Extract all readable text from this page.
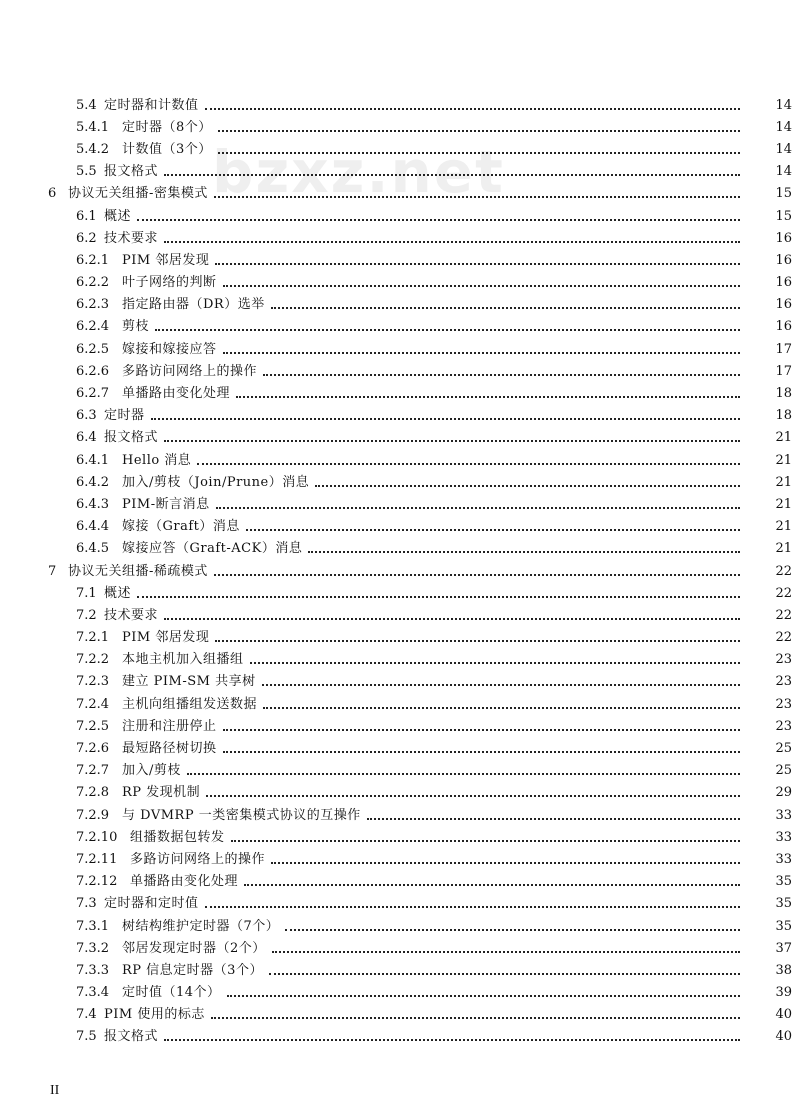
bzxz.net
5.4 定时器和计数值	14
5.4.1 定时器（8个）	14
5.4.2 计数值（3个）	14
5.5 报文格式	14
6 协议无关组播-密集模式	15
6.1 概述	15
6.2 技术要求	16
6.2.1 PIM 邻居发现	16
6.2.2 叶子网络的判断	16
6.2.3 指定路由器（DR）选举	16
6.2.4 剪枝	16
6.2.5 嫁接和嫁接应答	17
6.2.6 多路访问网络上的操作	17
6.2.7 单播路由变化处理	18
6.3 定时器	18
6.4 报文格式	21
6.4.1 Hello 消息	21
6.4.2 加入/剪枝（Join/Prune）消息	21
6.4.3 PIM-断言消息	21
6.4.4 嫁接（Graft）消息	21
6.4.5 嫁接应答（Graft-ACK）消息	21
7 协议无关组播-稀疏模式	22
7.1 概述	22
7.2 技术要求	22
7.2.1 PIM 邻居发现	22
7.2.2 本地主机加入组播组	23
7.2.3 建立 PIM-SM 共享树	23
7.2.4 主机向组播组发送数据	23
7.2.5 注册和注册停止	23
7.2.6 最短路径树切换	25
7.2.7 加入/剪枝	25
7.2.8 RP 发现机制	29
7.2.9 与 DVMRP 一类密集模式协议的互操作	33
7.2.10 组播数据包转发	33
7.2.11 多路访问网络上的操作	33
7.2.12 单播路由变化处理	35
7.3 定时器和定时值	35
7.3.1 树结构维护定时器（7个）	35
7.3.2 邻居发现定时器（2个）	37
7.3.3 RP 信息定时器（3个）	38
7.3.4 定时值（14个）	39
7.4 PIM 使用的标志	40
7.5 报文格式	40
II
